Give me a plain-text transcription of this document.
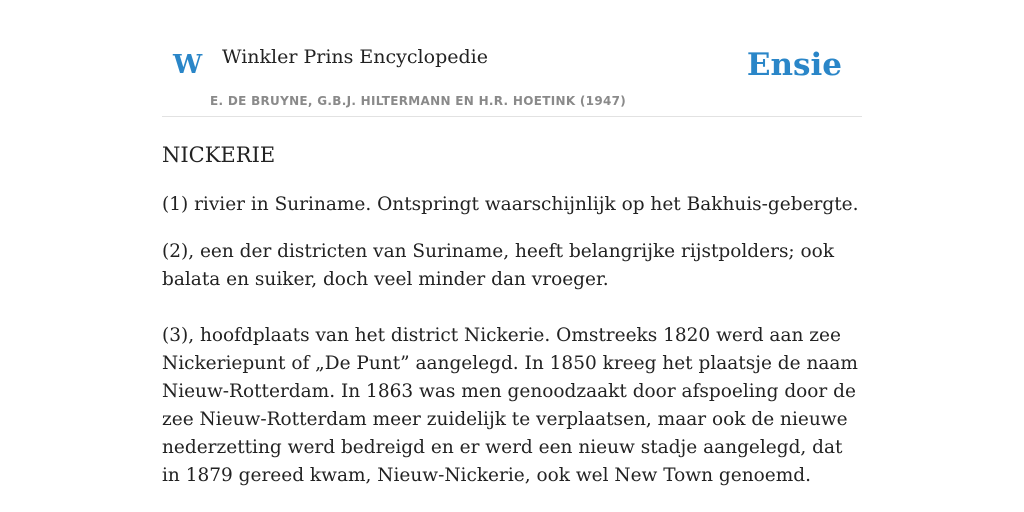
W Winkler Prins Encyclopedie
E. DE BRUYNE, G.B.J. HILTERMANN EN H.R. HOETINK (1947)
Ensie
NICKERIE

(1) rivier in Suriname. Ontspringt waarschijnlijk op het Bakhuis-gebergte.

(2), een der districten van Suriname, heeft belangrijke rijstpolders; ook balata en suiker, doch veel minder dan vroeger.

(3), hoofdplaats van het district Nickerie. Omstreeks 1820 werd aan zee Nickeriepunt of „De Punt” aangelegd. In 1850 kreeg het plaatsje de naam Nieuw-Rotterdam. In 1863 was men genoodzaakt door afspoeling door de zee Nieuw-Rotterdam meer zuidelijk te verplaatsen, maar ook de nieuwe nederzetting werd bedreigd en er werd een nieuw stadje aangelegd, dat in 1879 gereed kwam, Nieuw-Nickerie, ook wel New Town genoemd.
